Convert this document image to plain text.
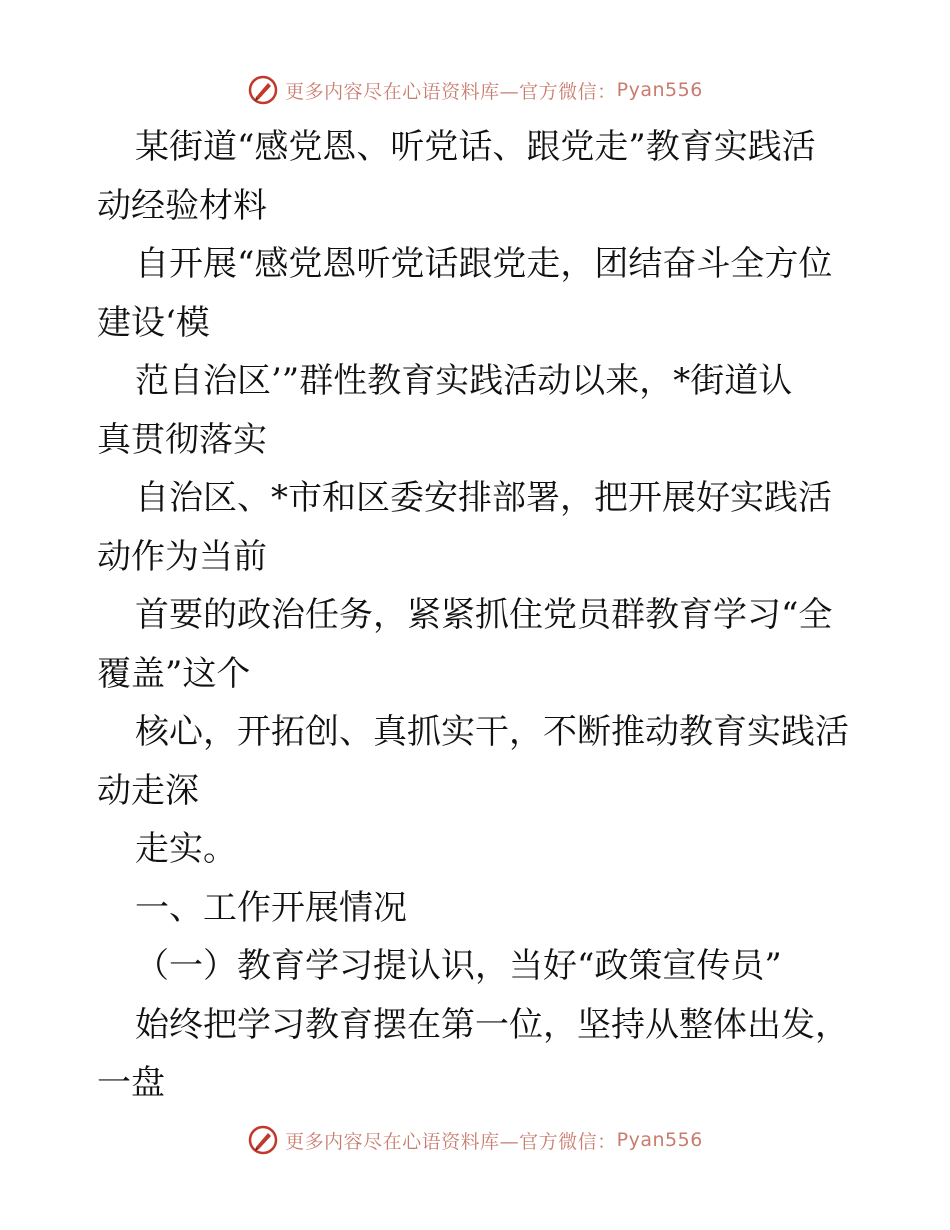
更多内容尽在心语资料库—官方微信： Pyan556

某街道“感党恩、听党话、跟党走”教育实践活

动经验材料

自开展“感党恩听党话跟党走，团结奋斗全方位

建设‘模

范自治区’”群性教育实践活动以来，*街道认

真贯彻落实

自治区、*市和区委安排部署，把开展好实践活

动作为当前

首要的政治任务，紧紧抓住党员群教育学习“全

覆盖”这个

核心，开拓创、真抓实干，不断推动教育实践活

动走深

走实。

一、工作开展情况

（一）教育学习提认识，当好“政策宣传员”

始终把学习教育摆在第一位，坚持从整体出发，

一盘

更多内容尽在心语资料库—官方微信： Pyan556
